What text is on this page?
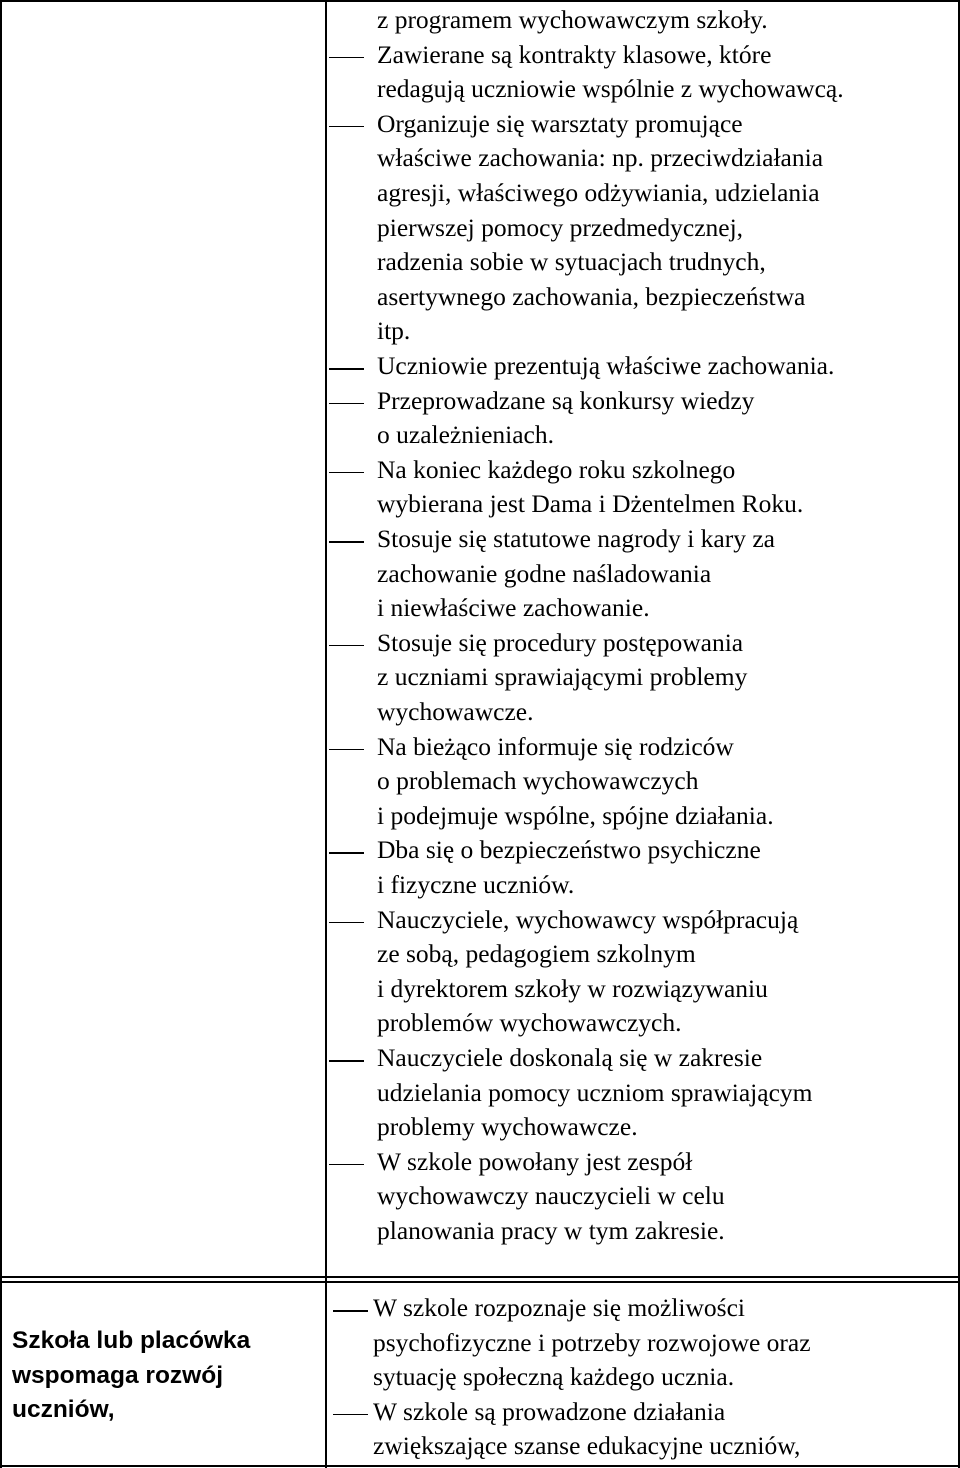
Szkoła lub placówka
wspomaga rozwój
uczniów,
z programem wychowawczym szkoły.
Zawierane są kontrakty klasowe, które
redagują uczniowie wspólnie z wychowawcą.
Organizuje się warsztaty promujące
właściwe zachowania: np. przeciwdziałania
agresji, właściwego odżywiania, udzielania
pierwszej pomocy przedmedycznej,
radzenia sobie w sytuacjach trudnych,
asertywnego zachowania, bezpieczeństwa
itp.
Uczniowie prezentują właściwe zachowania.
Przeprowadzane są konkursy wiedzy
o uzależnieniach.
Na koniec każdego roku szkolnego
wybierana jest Dama i Dżentelmen Roku.
Stosuje się statutowe nagrody i kary za
zachowanie godne naśladowania
i niewłaściwe zachowanie.
Stosuje się procedury postępowania
z uczniami sprawiającymi problemy
wychowawcze.
Na bieżąco informuje się rodziców
o problemach wychowawczych
i podejmuje wspólne, spójne działania.
Dba się o bezpieczeństwo psychiczne
i fizyczne uczniów.
Nauczyciele, wychowawcy współpracują
ze sobą, pedagogiem szkolnym
i dyrektorem szkoły w rozwiązywaniu
problemów wychowawczych.
Nauczyciele doskonalą się w zakresie
udzielania pomocy uczniom sprawiającym
problemy wychowawcze.
W szkole powołany jest zespół
wychowawczy nauczycieli w celu
planowania pracy w tym zakresie.
W szkole rozpoznaje się możliwości
psychofizyczne i potrzeby rozwojowe oraz
sytuację społeczną każdego ucznia.
W szkole są prowadzone działania
zwiększające szanse edukacyjne uczniów,
